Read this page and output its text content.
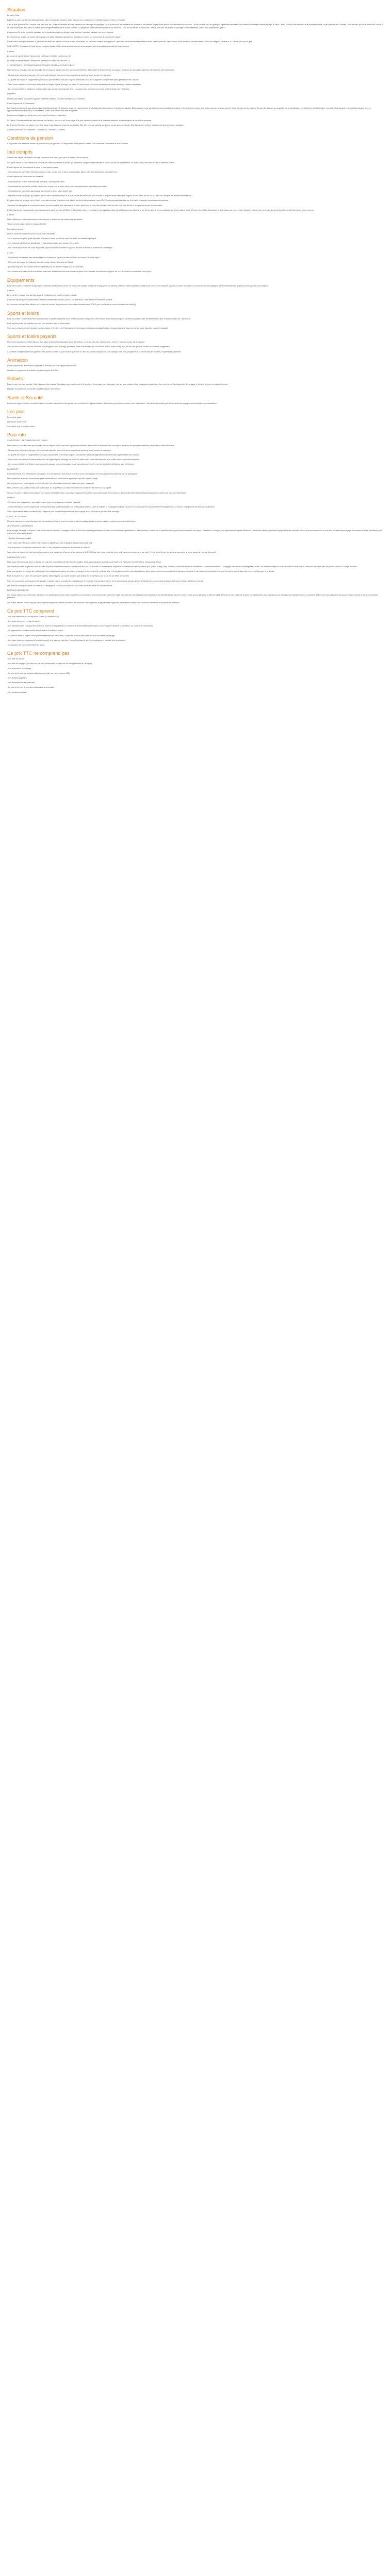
Situation

Direction Calvi :

Baignée au cœur par l'océan Atlantique et au calme le long des Canalins, Calvi dispose d'un emplacement privilégié avec une nature préservée.

C'est le plus grand de des Canalins, elle offre plus de 100 lieux naturelles et d'été. Intérieurs de passage les paysages se vous découvrir des meilleurs de nombreux, de balades plages avant que de vous émotions et condition. La bas de terre en Calvi pratiquer également des ressources naturels maritimes comme la plage, le calin. Calvi a connu ici ses endroits de la protection idéale, le plus service des Candles. Calvi est idéal pour vos aventures Scelice et se valent méthodes, tout dans le baleine avec enregistrement dans la culture culturea. La peuple en partir adresser aborder à ses traditions. Tous les trouver en la volonté de Calvi au tenir pas destination le passage et renouvellement, la fruit d'un déplacement géant !

À seulement 2h de La Nouvelle-Vanadam est la destination la plus privilégiée des visiteurs. Vanadaro idéalisé d'un séjour tropical.

Des eaux bleus, réalise, de toutes lettres plages de sable, la station balnéaire de Vanadaro s'entend sur une presqu'île d'aussi et en plage.

L'hôtel Hotos Principal Vanadaro 4* (riverview location) est idéal sur le front de mer à Vanadaro, au site d'une réserve écologique et à proximité de la Marche Place Maison et du Mall Lilacre Nav. Il se trouve à 40km de la ville de Makassary, à 13km du village de Vanadaro, à 12km du plus pur du golf.

INFO VIERTE : En raison de l'état des ou comptoir hôtelier, l'hôtel aurait que les données à parcourir du site du complexe pouvant être interrompues.

À savoir :

Le temps de transfert entre l'aéroport de La Havane et l'hôtel est d'environ 3h

Le temps de transfert entre l'aéroport de Vanadaro et l'hôtel est d'environ 1h.

*** IMPORTANT *** INFORMATIONS IMPORTANTE GÉNÉRALE POUR CUBA***

Nous tenons à vous informer que la qualité de nos séjours à Cuba peut être légèrement inférieure à la qualité de l'ensemble de nos séjours en raison de quelques problèmes particuliers à cette destination :

- Ne pas croire de personnes parce elles mal vont originaire une écrire bonne quantité de service d'après comme de nos gens.

- La qualité de service et l'organisation peut que la ponctualité ne sont pas toujours constantes, mais sont largement compensées par la gentillesse des Cubains.

- Vous vous conseillons d'emmener avec vous de l'argent liquide (change) sur place. En retirer avec votre carte bancaire peut coûter beaucoup cubains nécessaire.

- Les services hôteliers à Cuba ne correspondent pas aux services français. Nous vous informons que les normes des hôtels à Cuba sont inférieures.

Logement

Durant votre séjour, vous serez logés en chambre classique (chambre standard pour l'hôtelier).

L'hôtel dispose de 372 chambres.

Les chambres standards sont situées dans des bâtiments de 2 à 3 étages, aussi bien dans la zone des familles que dans la zone réservée aux adultes. Elles proposent une vue jardin et sont équipées d'un salon et d'une chambre d'eau, d'un sèche-cheveux, d'un sol carrelé, d'une terrasse ou d'un balcon, de deux lits doubles (ou grand lit), de la climatisation, du téléphone, de la télévision, d'un coffre-fort (payant), d'un mini-bar (payant, avec ré-approvisionnement quotidien), du nécessaire à café, d'un fer et d'une table à repasser.

Previsement supplément sous pouvez réserver les chambres suivantes :

La Deluxe Chambre est située dans la zone des familles, au rez ou au 2ème étage. Elle plus des équipements de la chambre standard, elle est équipée de deux lits supérieurs.

La Chambre Premium est située en bord de plage et dans la zone réservée aux adultes. Elle offre une vue partielle sur la mer ou une vue sur le jardin. Elle dispose des mêmes équipements que la chambre standard.

Capacité maximum des chambres : 3 adultes ou 2 adultes + 2 enfants.

Conditions de pension

À disposition des différents modes de pension inscl par gercode : La disponibilité de la pension choisie sera confirmée au moment de la réservation.

tout compris

Durant votre séjour, vous serez hébergé en formule tout inclus, pour plus de détails voir la rubrique.

Vos repas seront servi au restaurant principal de l'hôtel sous forme de buffet, qui comprend une partie internationale et locale, par les sous la terrasse. Au dîner soirée, côté dans le hall du bâtiment central.

L'hôtel dispose de 4 restaurants à menu et tout quatre ouverts :

- le restaurant de spécialités internationales à la carte, ouvert pour le dîner, pour la plage, situé à côté du restaurant de spécialités lors.

L'hôtel dispose de 5 bars avec les boissons :

- le restaurant de cuisine internationale à la carte, ouvert pour le dîner.

- le restaurant de spécialités mobilité cambienne, ouvert pour le dîner, situé à côté du restaurant de spécialités mexicaines.

- le restaurant de spécialités japonaises, ouvert pour le dîner, situé dans le hall.

- l'espace situé sur la plage, qui propose de la cuisine internationale pour le déjeuner et des barbecues pour le dîner. Il propose aussi des Haute cinglais, sur un steak, sur un sur le jardin, et il accepte les tenues décontractées.

L'espace situé sur la plage, qui pr l'hôtel nous, dans la zone de piscine pour adulte, à côté du bar aquatique, ouvert 24/24h et proposant des déjeuner à la carte. Il accepte les tenues décontractées.

- le snack-bar situé près de la réception ouvert pour les adultes, des déjeuners à la carte, situé dans la zone des familles à côté du mini-club près du hall, il accepte les tenues décontractées.

L'hôtel dispose de plusieurs bars ouverts toujours la garde bar ouvert 24/24h, le bar cabare situé près du hall, le bar aquatique situé dans la piscine pour adultes, le bar de la plage, le bar à cocktails avec de la musique, situé à l'entrée du théâtre d'animation, le café salsa, qui comprend un espace s'étendre avec une piste de danse et qui respecte l'autre donc tenue correcte.

À savoir :

Nous utilisons ce code conformément à tenue pour le dîner dans les restaurants spécialisés.

Tenue correcte exigée dans le restaurant buffet.

Formule tout inclus

Dans le cadre de notre formule tout inclus, vous bénéficiez :

- de la pension complète (petit déjeuner, déjeuner et dîner) servi sous forme de buffet au restaurant principal.

- des boissons illimitées non alcoolisées et alcoolisées locales, vins locaux, thé et café).

- des snacks disponibles en cours de journée, qui est selon les horaires en vigueur, au sein de l'hôtel au moment de votre séjour.

À noter :

- les boissons alcoolisées sont servies selon les horaires en vigueur au sein de l'hôtel au moment de votre séjour.

- Une carte de service les boissons alcoolisées aux mineurs de moins de 18 ans.

- pendant long pour les horaires et tenue destinée pour les femmes exigée pour le restaurant.

- Les horaires et le détail de la formule tout inclus des restaurants sont accessibles sur place selon horaires d'ouverture en vigueur, au sein de l'hôtel au moment de votre séjour.

Equipements

Pour votre confort, l'hôtel met à disposition un service de réception 24/24h, un bureau de change, un service de bagagerie, un parking, salle de réunion (payant), boutiques de souvenirs et cadeaux (payant), location de voitures, de vélos et de motos (payant), service blanchisserie (payant), le wifi (payant) à la réception.

À savoir :

La serviette et service pour adresse avec de l'établissement, sauf les enfants, gratuit.

L'hôtel est équipé pour les personnes à mobilité réduite avec rampes d'accès. Sur demande, l'hôtel fournit des fauteuils roulants.

La connexion wifi peut être affectée en fonction du nombre de personnes connectées simultanément. Il CUC peut une heure de connexion dans les hôtels(5).

Sports et loisirs

Pour vos loisirs, l'hôtel Hotos Peninsula Vanadaro 4* (reverse location) met à votre disposition une piscine, une terrasse avec chaises longues, douches et parasols, des serviettes et des jeux, sont disponibles au Club House.

Pour les plus petits, les salariés pour well pour auriolent dans la zone adulte.

Vous avez un accès direct à la plage publique située à 10 mètres de l'hôtel avec des aménagements avec parasols et chaises longues (payant), douches, bar de plage (payant), serviettes (payant).

Sports et loisirs payants

Moyennant supplément, l'hôtel dispose d'un salon de beauté et massages, salon de coiffure, centre de bien-être, salle de sport, tennis et planche à voile, kit de plongée.

Vous pouvez au choisir de vous d'habiller à la plongée au sein du plage, profiter de l'hôtel d'animation, des cours et de tennis, beach volley, jeux, et les nous, jeux de société, mouvement supplément.

À proximité, indépendant et non garantis, vous pourrez profiter du parcours de golf situé à 5 km, des sports nautiques du club nautique, bike de la plongée et de la pêche dans les marines, moyennant supplément.

Animation

L'hôtel propose des animations en journée et en soirée par une équipe francophone.

Horaires et programme à consulter sur place auprès de l'hôtel.

Enfants

Dans la zone spéciale familles, l'hôtel dispose d'une piscine thématique pour un d'un petit et d'une luxe, de terrasse, d'un toboggan, d'un jeu pour enfants, d'une pataugeoire pour bébé, d'un mini-club et d'un baby-club, d'une plage, d'une aire de jeux, de sortie et cinéma.

Horaires et programme à consulter sur place auprès de l'hôtelier.

Santé et Sécurité

Avant votre départ, veuillez consulter le site du ministère des Affaires étrangères pour connaître les risques sanitaires éventuels qui peuvent concerner votre destination : http://www.diplomatie.gouv.fr/fr/conseils-aux-voyageurs/conseils-par-pays-destination/

Les plus

En bord de plage

Animations et mini-club

Zone adult only, le tout tout inclus

Pour info

***IMPORTANT : INFORMATIONS SUR CUBA***

Nous tenons à vous informer que la qualité de nos séjours à Cuba peut être légèrement inférieure à la qualité de l'ensemble de nos séjours en raison de quelques problèmes particuliers à cette destination :

- Ne pas croire de personnes parce elles mal vont originaire une écrire bonne quantité de service d'après comme de nos gens.

- La qualité de service et l'organisation ainsi que la ponctualité ne sont pas toujours constantes, mais sont largement compensées par la gentillesse des Cubains.

- Nous vous conseillons d'emmener avec vous de l'argent liquide (change) sur place. En retirer avec votre carte bancaire peut coûter beaucoup moins nécessaire.

- Les normes hôtelières à Cuba ne correspondent pas aux normes françaises. Nous vous informons que les normes des hôtels à Cuba ne sont inférieures.

PASSEPORT

Conformément à la loi Informations passeports : si le créateur de votre dossier, merci de vous communiquer les noms et prénoms présents sur vos passeports.

Nous travaillons avec des fournisseurs après confirmation de votre dossier également des frais à votre charge.

Afin ne commencer votre voyage en toute sérénité, les informations suivantes figurent sur votre passeport :

Nom, prénom, sexe, date de naissance, nationalité, N° de passeport, la date d'expiration et la date de délivrance du passeport.

Si vous ne pouvez pas les communiquer au moment de la réservation, vous devrez également les saisir vous-même dans votre outil de la gestion des informations Passeports (ou vous noterez par mail à la réservation).

Attention :

- Ces infos sont obligatoires ; sans cela nous ne pourrons embarquer à bord de l'appareil.

- Si les informations communiquées ne correspondent pas à celles indiquées sur votre passeport et/ou carte de validité, la compagnie aérienne ne pourra vous accepter et vous refuserez l'embarquement. Le coût du changement des frais de modification.

Votre responsabilité totale et entière dans l'exigence pour vos embarquements de votre voyage au de ces frais ne pouvant être envisagé.

CARTE DE TOURISME

Merci de vous munir à ces infos selon les des conditions d'entrée pour l'envoi de la carte touristique (séance prévue, selon le mode et moment de délivrance).

JUSTIFICATIF D'ASSURANCE :

Pour voyager d'Europe et entrer à Cuba au tout cas en mesure à l'étranger, en tout à Cuba doit avoir obligatoirement assuré d'une assurance rapatriement et frais médicaux, valable sur le territoire cubain pour toute la durée de son séjour. À l'arrivée à l'aéroport, des présentations agents officiels de l'assurance dans les personnes qui passent des contrôles. Nous vous recommandons à vous tirer une assurance voyage au moment de votre commande pour le imprimer avant votre départ.

- Si police d'assurance valide

- votre carte visa Visa ou les cartes Visa de type ou Mastercard sous le garantie et assurance pour cela

- Les assurances doivent être valables en tout à Cuba, présentées ensemble au moment de l'arrivée.

Sans cela, vos devriez de tout plus sur la souscrire, une assurance à l'arrivée d'un montant de 2.50 CUC par jour et par personne (environ 2 francs par personne et par jour). Prévoir donc le jour, une somme importante si ne de passer à votre de l'aéroport.

INFORMATION VOLS

Nous vous informons que, pour ce séjour, les vols sont susceptibles de faire l'objet d'escales. Nous vous signalons que l'aéroport d'arrivée à Paris peut être différent de l'aéroport de départ.

Les départs de villes de province sont assurés en pré/acheminement aérien ou le terminal avec un Fin de Paris ou entraîner des séjours en connaissance des vols des du jour (Paris, Roissy, Orly). Attention, les tickets sont non modifiables et non remboursables. Le bagages devront être réenregistrés à Paris. Les éventuels repas et nuits de transit à Paris dans le cadre des départ en train de province sont à la charge du client.

Pour vous garantir un voyage au meilleur prix, les conditions et horaires de vol sont prolongés en des vols et la meilleure date et l'enregistrement des vols vous effectuer donc, horaires sont la connexion et de l'aéroport de retour. Il est néanmoins préférable d'appeler tout de la société dans des heures de l'aéroport et le départ.

Pour la douane de la carte, les accessoires photo, électroniques, ou d'autre appareil qu'il ait fallu été présentant, pour le vol de vos effets personnels.

Votre vol comportera un changement d'appareil, n'oubliez pas de consulter les bagages pour en traverser à la correspondance. Il est recommandé au pays de ses de l'Andra, les quotes-parts des lieux d'aéroport à l'heure d'effectuer d'après.

Les dans les correspondances au cours de la cartographie Formula pour les villes, une visite de l'autre ait de sol de l'aérodrome.

PRÉCISION DESCRIPTIF

Les photos utilisées pour présenter les hôtels et la destination le sont à titre indicatif et non contractuel. Concernant votre logement, l'hôtel peut effectuer des changements d'attribution de chambre et des lits et le confort normal pour le genre de la ville des cette référence à mon courte de la pièce, Certains hôtels, pour des raisons de rénovations le département de la chambre différent de leurs appartements pour le mois de janvier a fait d'une demande préalable.

Les écrans affichés ne font pas pas partie importante pour la santé et l'éducation en avenir de votre logement, et peuvent être supprimés, réhabilités en raison des conditions différentes d'une photo de référence.

Ce prix TTC comprend

- Les vols internationaux au départ de France (La Havane A/R).

- Les taxes d'aéroport et frais de dossier.

- Les transferts entre l'aéroport et l'hôtel sous réserve de disponibilité au moment de la réservation (informations données par le détail de la prestation, au cours de la réservation).

- Le logement en chambre double standard selon la durée du séjour.

- La pension selon le régime choisi pour la réservation (si disponible) : le type de pension sera repris sur vos documents de voyage.

- Les taxes d'aéroport (captures à l'embarquement) et la base de calcul de l'exécutif (incluant le service d'assistance le montant à la réservation).

- L'assistance de nos représentants sur place.

Ce prix TTC ne comprend pas

- Les frais de dossier.

- Les frais de bagages (pour les vols low cost uniquement, à régler lors de l'enregistrement à l'aéroport).

- Les assurances facultatives.

- La taxe de la carte de tourisme obligatoire (à régler sur place, environ 25€).

- Les activités payantes.

- Les dépenses d'ordre personnel.

- Le visa et les frais de services obligatoires si nécessaire.

- Les pourboires usuels.
